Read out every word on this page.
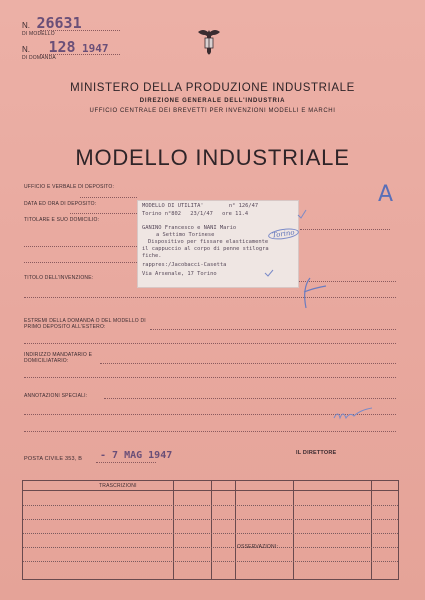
N. 26631
DI MODELLO
N. 128 1947
DI DOMANDA
MINISTERO DELLA PRODUZIONE INDUSTRIALE
DIREZIONE GENERALE DELL'INDUSTRIA
UFFICIO CENTRALE DEI BREVETTI PER INVENZIONI MODELLI E MARCHI
MODELLO INDUSTRIALE
UFFICIO E VERBALE DI DEPOSITO:
DATA ED ORA DI DEPOSITO:
TITOLARE E SUO DOMICILIO:
TITOLO DELL'INVENZIONE:
ESTREMI DELLA DOMANDA O DEL MODELLO DI PRIMO DEPOSITO ALL'ESTERO:
INDIRIZZO MANDATARIO E DOMICILIATARIO:
ANNOTAZIONI SPECIALI:
MODELLO DI UTILITA'	n° 126/47
Torino n°802 23/1/47 ore 11.4
GANINO Francesco e NANI Mario
a Settimo Torinese
Dispositivo per fissare elasticamente
il cappuccio al corpo di penne stilogra
fiche.
rappres:/Jacobacci-Casetta
Via Arsenale, 17 Torino
Torino
A
POSTA CIVILE 353, B - 7 MAG 1947	IL DIRETTORE
TRASCRIZIONI
OSSERVAZIONI:
